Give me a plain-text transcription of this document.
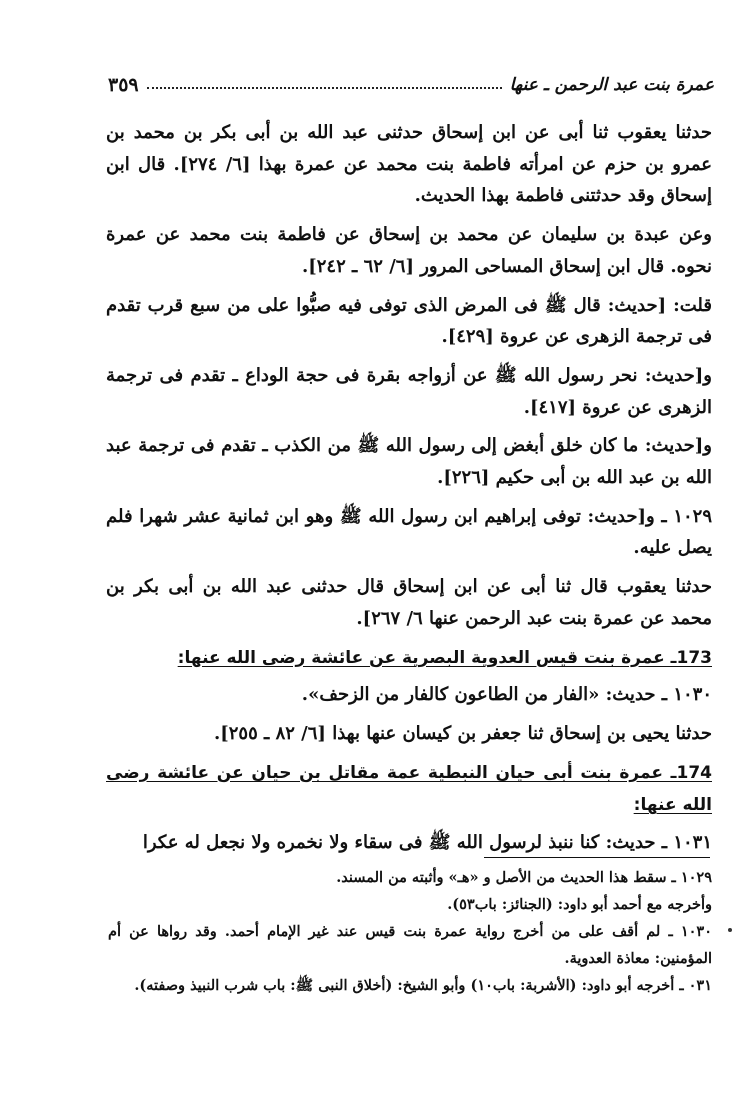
عمرة بنت عبد الرحمن ـ عنها
٣٥٩

حدثنا يعقوب ثنا أبى عن ابن إسحاق حدثنى عبد الله بن أبى بكر بن محمد بن عمرو بن حزم عن امرأته فاطمة بنت محمد عن عمرة بهذا [٦/ ٢٧٤]. قال ابن إسحاق وقد حدثتنى فاطمة بهذا الحديث.

وعن عبدة بن سليمان عن محمد بن إسحاق عن فاطمة بنت محمد عن عمرة نحوه. قال ابن إسحاق المساحى المرور [٦/ ٦٢ ـ ٢٤٢].

قلت: [حديث: قال ﷺ فى المرض الذى توفى فيه صبُّوا على من سبع قرب تقدم فى ترجمة الزهرى عن عروة [٤٢٩].

و[حديث: نحر رسول الله ﷺ عن أزواجه بقرة فى حجة الوداع ـ تقدم فى ترجمة الزهرى عن عروة [٤١٧].

و[حديث: ما كان خلق أبغض إلى رسول الله ﷺ من الكذب ـ تقدم فى ترجمة عبد الله بن عبد الله بن أبى حكيم [٢٢٦].

١٠٢٩ ـ و[حديث: توفى إبراهيم ابن رسول الله ﷺ وهو ابن ثمانية عشر شهرا فلم يصل عليه.

حدثنا يعقوب قال ثنا أبى عن ابن إسحاق قال حدثنى عبد الله بن أبى بكر بن محمد عن عمرة بنت عبد الرحمن عنها ٦/ ٢٦٧].

173ـ عمرة بنت قيس العدوية البصرية عن عائشة رضى الله عنها:

١٠٣٠ ـ حديث: «الفار من الطاعون كالفار من الزحف».

حدثنا يحيى بن إسحاق ثنا جعفر بن كيسان عنها بهذا [٦/ ٨٢ ـ ٢٥٥].

174ـ عمرة بنت أبى حيان النبطية عمة مقاتل بن حيان عن عائشة رضى الله عنها:

١٠٣١ ـ حديث: كنا ننبذ لرسول الله ﷺ فى سقاء ولا نخمره ولا نجعل له عكرا

١٠٢٩ ـ سقط هذا الحديث من الأصل و «هـ» وأثبته من المسند.

وأخرجه مع أحمد أبو داود: (الجنائز: باب٥٣).

١٠٣٠ ـ لم أقف على من أخرج رواية عمرة بنت قيس عند غير الإمام أحمد. وقد رواها عن أم المؤمنين: معاذة العدوية.

٠٣١ ـ أخرجه أبو داود: (الأشربة: باب١٠) وأبو الشيخ: (أخلاق النبى ﷺ: باب شرب النبيذ وصفته).
